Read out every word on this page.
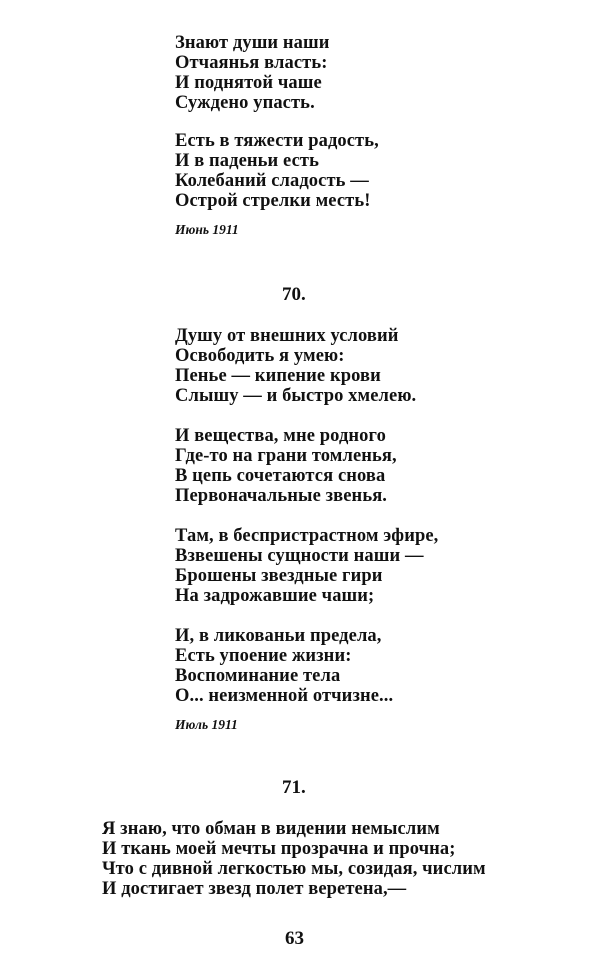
Знают души наши
Отчаянья власть:
И поднятой чаше
Суждено упасть.
Есть в тяжести радость,
И в паденьи есть
Колебаний сладость —
Острой стрелки месть!
Июнь 1911
70.
Душу от внешних условий
Освободить я умею:
Пенье — кипение крови
Слышу — и быстро хмелею.
И вещества, мне родного
Где-то на грани томленья,
В цепь сочетаются снова
Первоначальные звенья.
Там, в беспристрастном эфире,
Взвешены сущности наши —
Брошены звездные гири
На задрожавшие чаши;
И, в ликованьи предела,
Есть упоение жизни:
Воспоминание тела
О... неизменной отчизне...
Июль 1911
71.
Я знаю, что обман в видении немыслим
И ткань моей мечты прозрачна и прочна;
Что с дивной легкостью мы, созидая, числим
И достигает звезд полет веретена,—
63
